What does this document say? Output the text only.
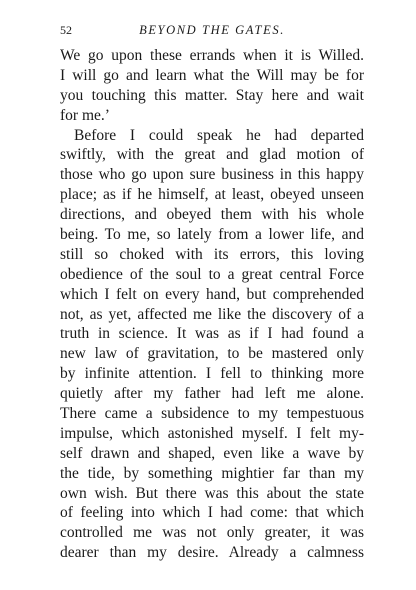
52	BEYOND THE GATES.
We go upon these errands when it is Willed.
I will go and learn what the Will may be for
you touching this matter. Stay here and wait
for me.’
Before I could speak he had departed
swiftly, with the great and glad motion of
those who go upon sure business in this happy
place; as if he himself, at least, obeyed unseen
directions, and obeyed them with his whole
being. To me, so lately from a lower life, and
still so choked with its errors, this loving
obedience of the soul to a great central Force
which I felt on every hand, but comprehended
not, as yet, affected me like the discovery of a
truth in science. It was as if I had found a
new law of gravitation, to be mastered only
by infinite attention. I fell to thinking more
quietly after my father had left me alone.
There came a subsidence to my tempestuous
impulse, which astonished myself. I felt my-
self drawn and shaped, even like a wave by
the tide, by something mightier far than my
own wish. But there was this about the state
of feeling into which I had come: that which
controlled me was not only greater, it was
dearer than my desire. Already a calmness
